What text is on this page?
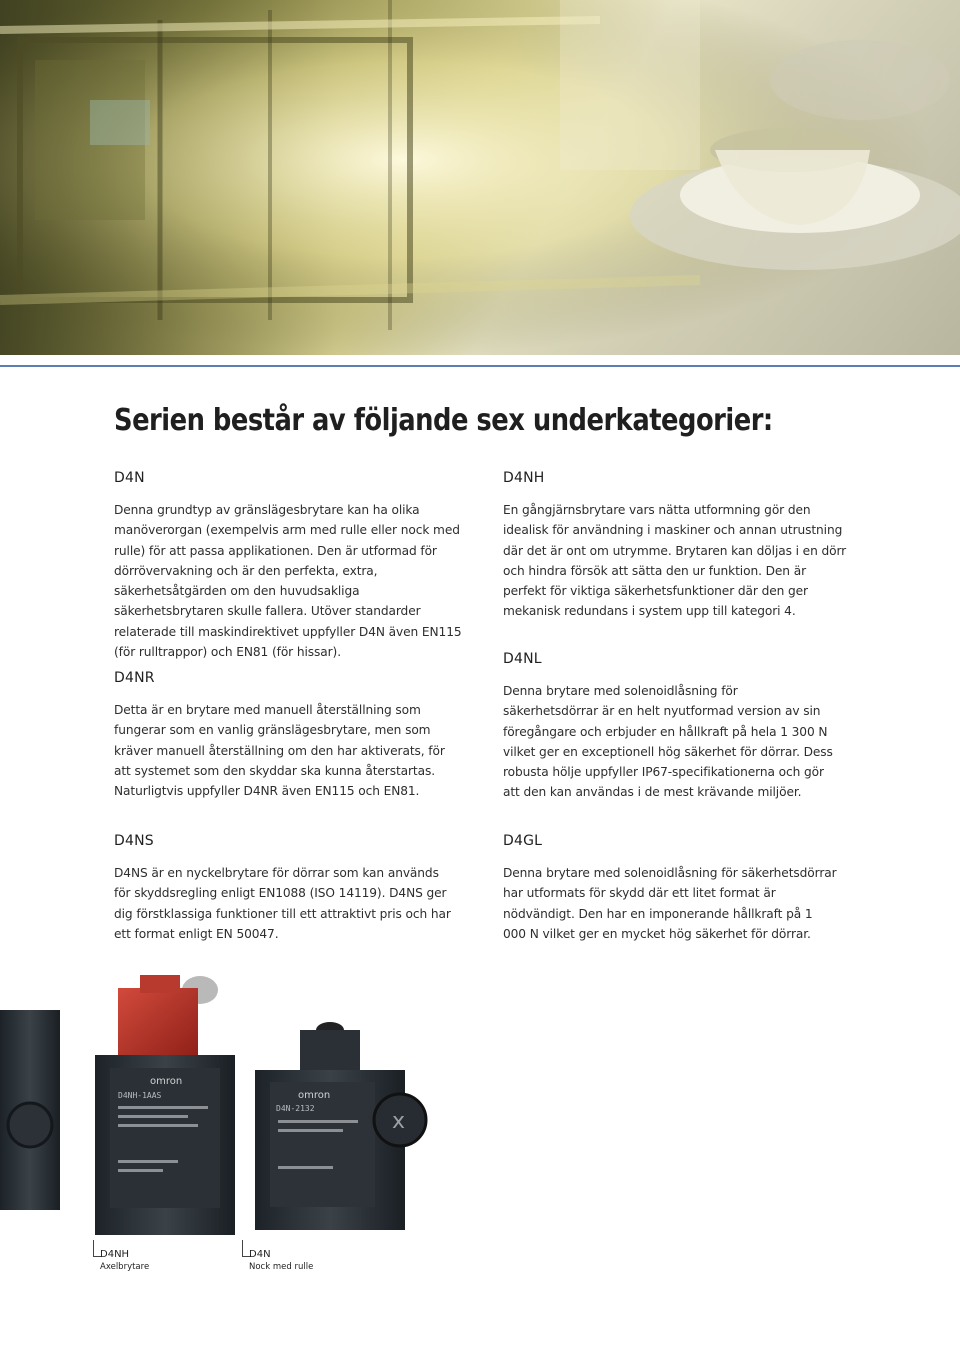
Serien består av följande sex underkategorier:
D4N

Denna grundtyp av gränslägesbrytare kan ha olika manöverorgan (exempelvis arm med rulle eller nock med rulle) för att passa applikationen. Den är utformad för dörrövervakning och är den perfekta, extra, säkerhetsåtgärden om den huvudsakliga säkerhetsbrytaren skulle fallera. Utöver standarder relaterade till maskindirektivet uppfyller D4N även EN115 (för rulltrappor) och EN81 (för hissar).

D4NH

En gångjärnsbrytare vars nätta utformning gör den idealisk för användning i maskiner och annan utrustning där det är ont om utrymme. Brytaren kan döljas i en dörr och hindra försök att sätta den ur funktion. Den är perfekt för viktiga säkerhetsfunktioner där den ger mekanisk redundans i system upp till kategori 4.

D4NR

Detta är en brytare med manuell återställning som fungerar som en vanlig gränslägesbrytare, men som kräver manuell återställning om den har aktiverats, för att systemet som den skyddar ska kunna återstartas. Naturligtvis uppfyller D4NR även EN115 och EN81.

D4NL

Denna brytare med solenoidlåsning för säkerhetsdörrar är en helt nyutformad version av sin föregångare och erbjuder en hållkraft på hela 1 300 N vilket ger en exceptionell hög säkerhet för dörrar. Dess robusta hölje uppfyller IP67-specifikationerna och gör att den kan användas i de mest krävande miljöer.

D4NS

D4NS är en nyckelbrytare för dörrar som kan används för skyddsregling enligt EN1088 (ISO 14119). D4NS ger dig förstklassiga funktioner till ett attraktivt pris och har ett format enligt EN 50047.

D4GL

Denna brytare med solenoidlåsning för säkerhetsdörrar har utformats för skydd där ett litet format är nödvändigt. Den har en imponerande hållkraft på 1 000 N vilket ger en mycket hög säkerhet för dörrar.

omron
D4NH-1AAS
x
omron
D4N-2132
D4NH
Axelbrytare
D4N
Nock med rulle
